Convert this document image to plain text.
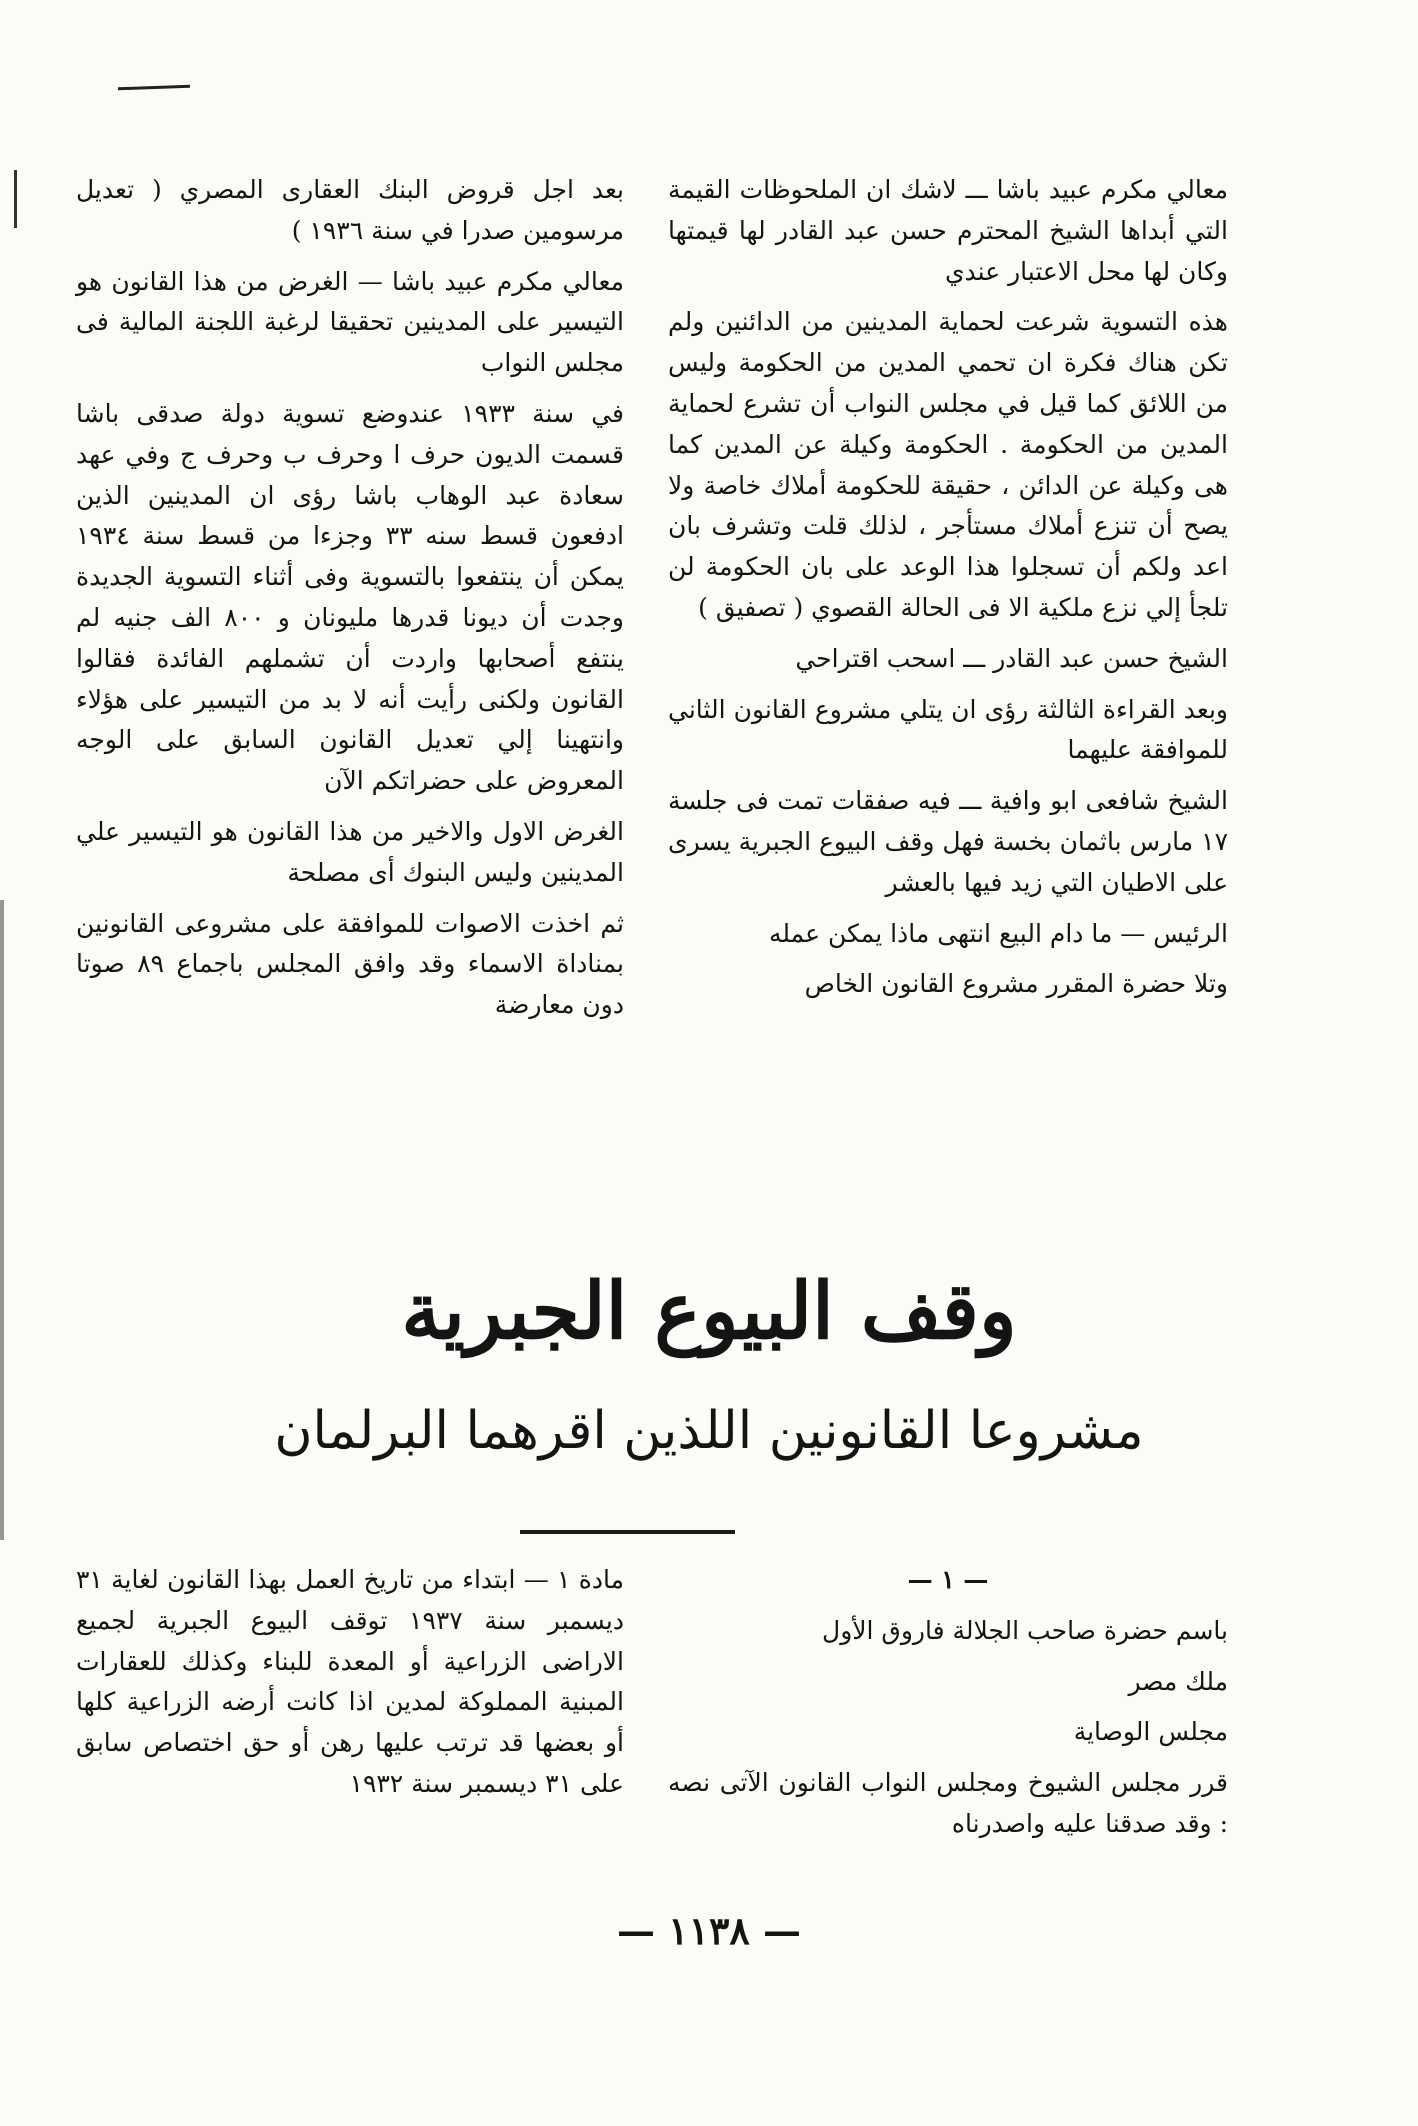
معالي مكرم عبيد باشا ـــ لاشك ان الملحوظات القيمة التي أبداها الشيخ المحترم حسن عبد القادر لها قيمتها وكان لها محل الاعتبار عندي

هذه التسوية شرعت لحماية المدينين من الدائنين ولم تكن هناك فكرة ان تحمي المدين من الحكومة وليس من اللائق كما قيل في مجلس النواب أن تشرع لحماية المدين من الحكومة . الحكومة وكيلة عن المدين كما هى وكيلة عن الدائن ، حقيقة للحكومة أملاك خاصة ولا يصح أن تنزع أملاك مستأجر ، لذلك قلت وتشرف بان اعد ولكم أن تسجلوا هذا الوعد على بان الحكومة لن تلجأ إلي نزع ملكية الا فى الحالة القصوي ( تصفيق )

الشيخ حسن عبد القادر ـــ اسحب اقتراحي

وبعد القراءة الثالثة رؤى ان يتلي مشروع القانون الثاني للموافقة عليهما

الشيخ شافعى ابو وافية ـــ فيه صفقات تمت فى جلسة ١٧ مارس باثمان بخسة فهل وقف البيوع الجبرية يسرى على الاطيان التي زيد فيها بالعشر

الرئيس — ما دام البيع انتهى ماذا يمكن عمله

وتلا حضرة المقرر مشروع القانون الخاص

بعد اجل قروض البنك العقارى المصري ( تعديل مرسومين صدرا في سنة ١٩٣٦ )

معالي مكرم عبيد باشا — الغرض من هذا القانون هو التيسير على المدينين تحقيقا لرغبة اللجنة المالية فى مجلس النواب

في سنة ١٩٣٣ عندوضع تسوية دولة صدقى باشا قسمت الديون حرف ا وحرف ب وحرف ج وفي عهد سعادة عبد الوهاب باشا رؤى ان المدينين الذين ادفعون قسط سنه ٣٣ وجزءا من قسط سنة ١٩٣٤ يمكن أن ينتفعوا بالتسوية وفى أثناء التسوية الجديدة وجدت أن ديونا قدرها مليونان و ٨٠٠ الف جنيه لم ينتفع أصحابها واردت أن تشملهم الفائدة فقالوا القانون ولكنى رأيت أنه لا بد من التيسير على هؤلاء وانتهينا إلي تعديل القانون السابق على الوجه المعروض على حضراتكم الآن

الغرض الاول والاخير من هذا القانون هو التيسير علي المدينين وليس البنوك أى مصلحة

ثم اخذت الاصوات للموافقة على مشروعى القانونين بمناداة الاسماء وقد وافق المجلس باجماع ٨٩ صوتا دون معارضة

وقف البيوع الجبرية
مشروعا القانونين اللذين اقرهما البرلمان

— ١ —

باسم حضرة صاحب الجلالة فاروق الأول

ملك مصر

مجلس الوصاية

قرر مجلس الشيوخ ومجلس النواب القانون الآتى نصه : وقد صدقنا عليه واصدرناه

مادة ١ — ابتداء من تاريخ العمل بهذا القانون لغاية ٣١ ديسمبر سنة ١٩٣٧ توقف البيوع الجبرية لجميع الاراضى الزراعية أو المعدة للبناء وكذلك للعقارات المبنية المملوكة لمدين اذا كانت أرضه الزراعية كلها أو بعضها قد ترتب عليها رهن أو حق اختصاص سابق على ٣١ ديسمبر سنة ١٩٣٢

— ١١٣٨ —
